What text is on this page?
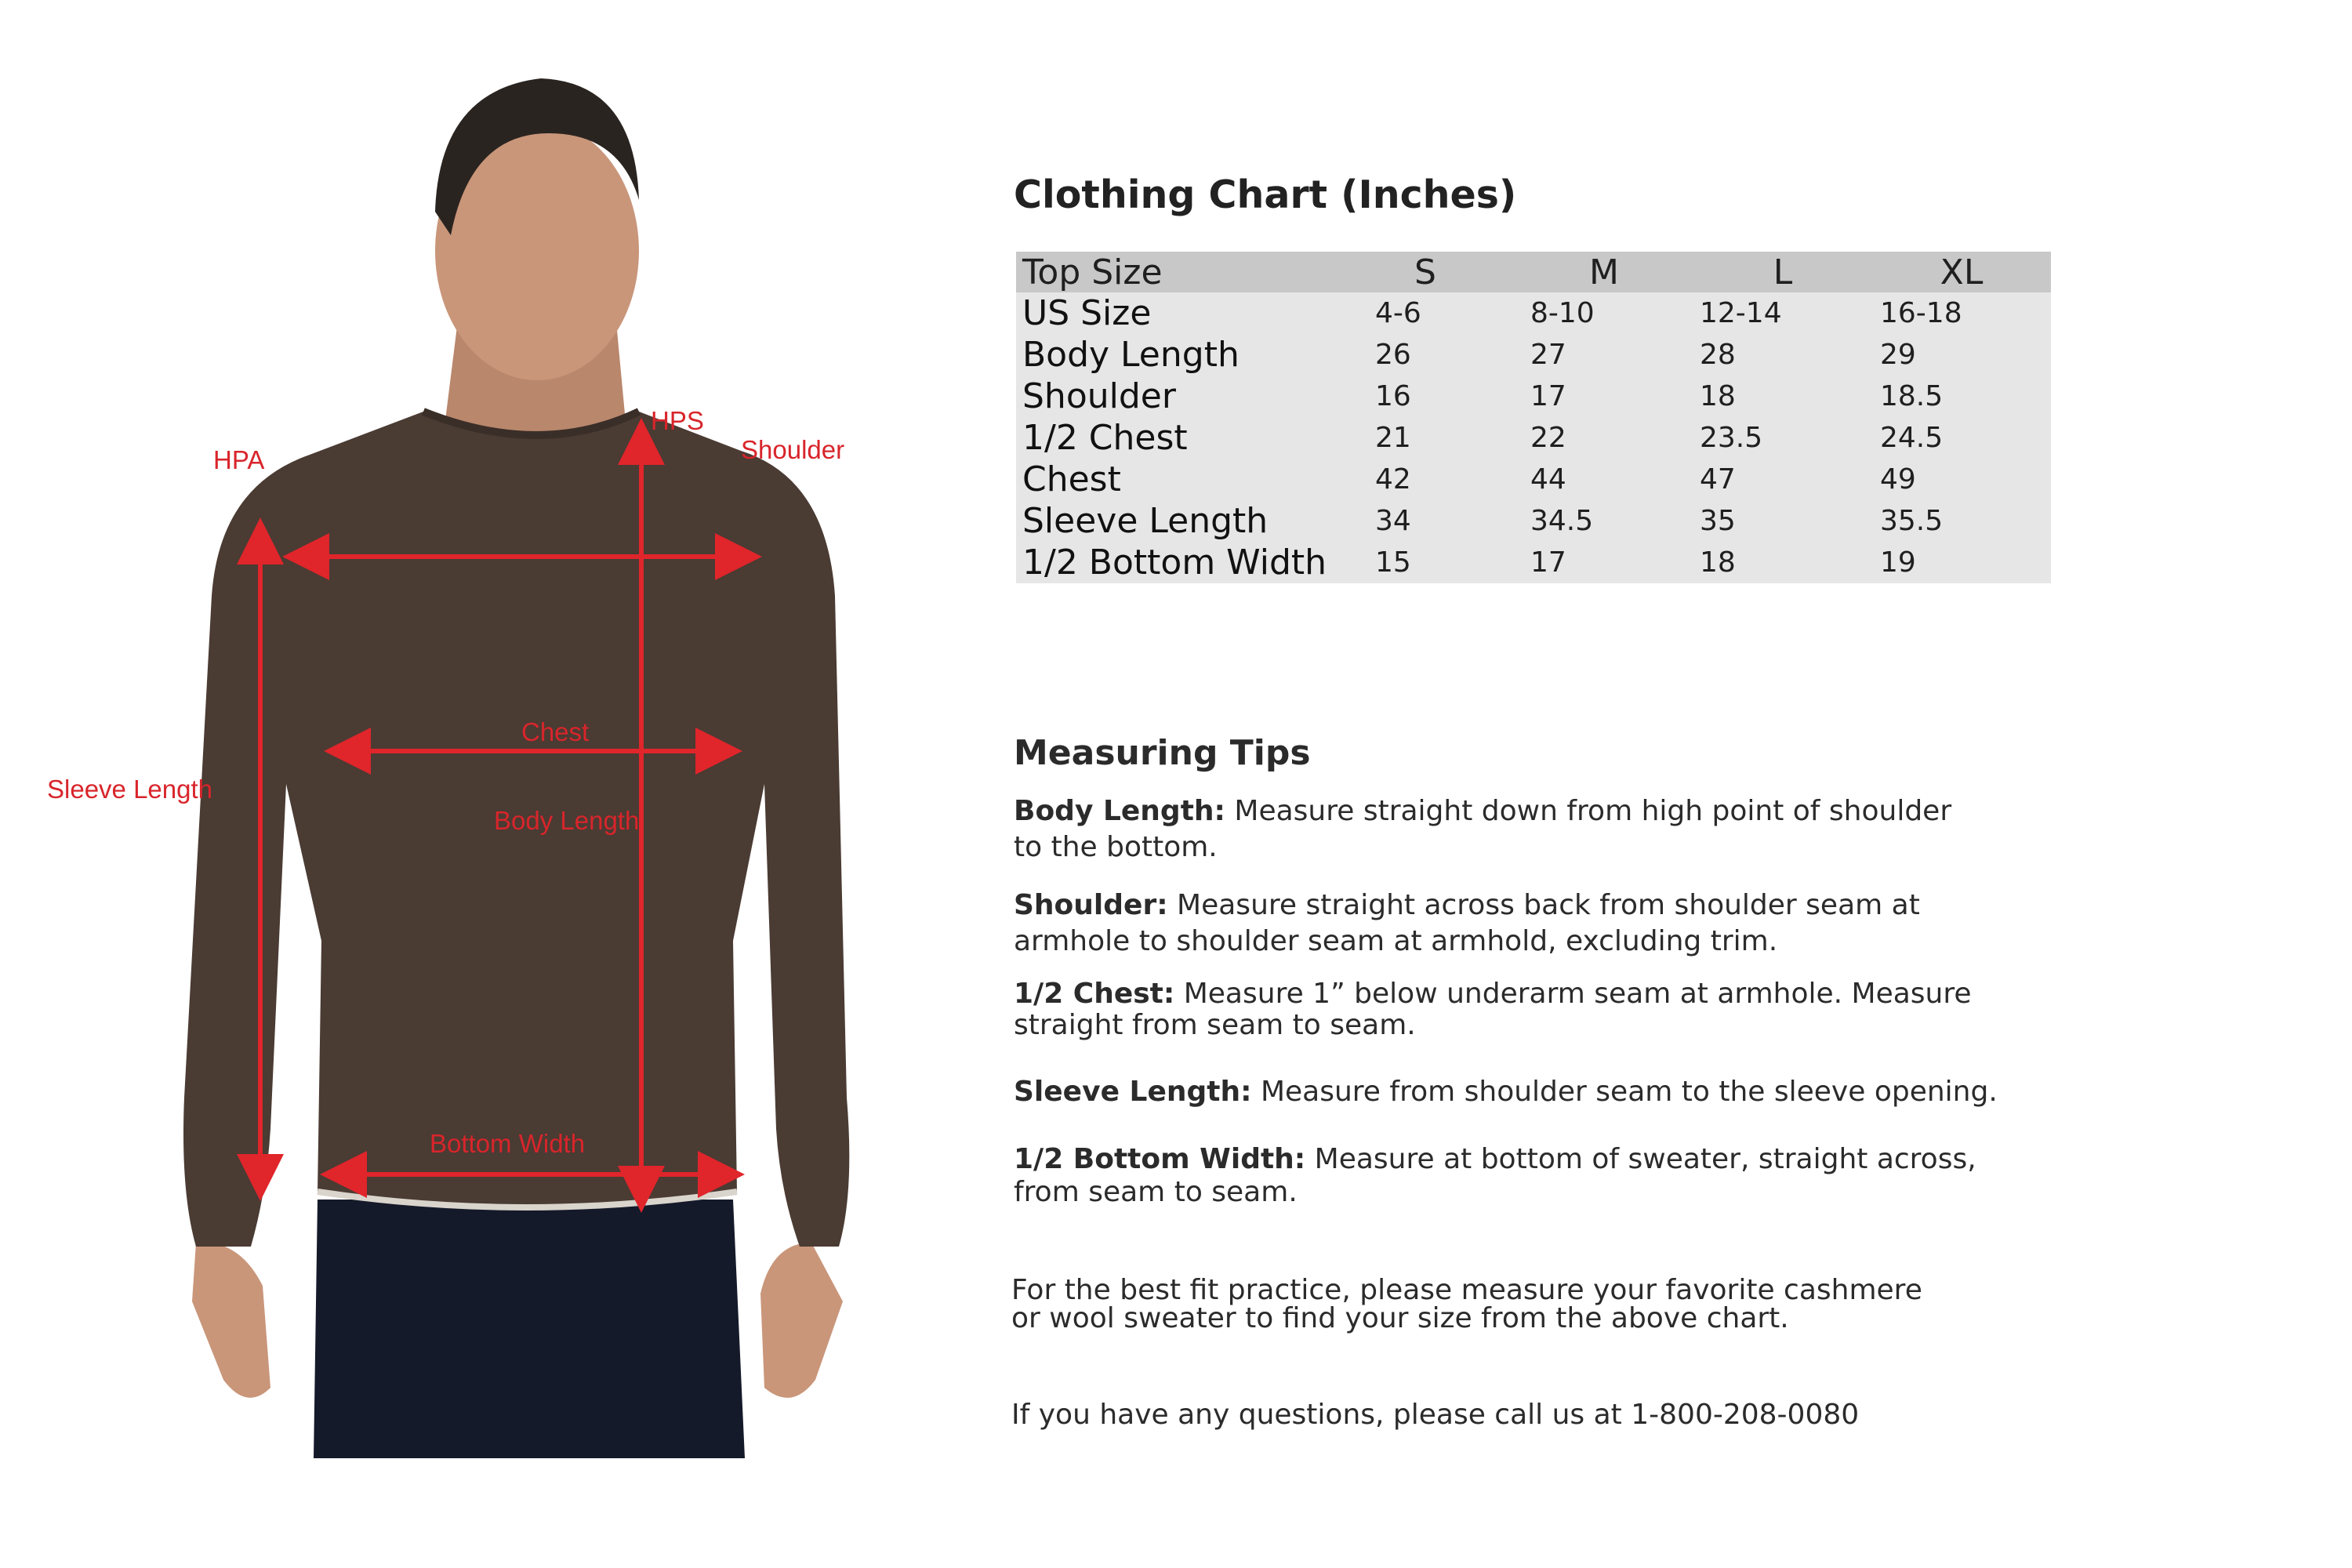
HPA
HPS
Shoulder
Chest
Sleeve Length
Body Length
Bottom Width
Clothing Chart (Inches)
Top Size	S	M	L	XL
US Size	4-6	8-10	12-14	16-18
Body Length	26	27	28	29
Shoulder	16	17	18	18.5
1/2 Chest	21	22	23.5	24.5
Chest	42	44	47	49
Sleeve Length	34	34.5	35	35.5
1/2 Bottom Width	15	17	18	19
Measuring Tips
Body Length: Measure straight down from high point of shoulder
to the bottom.
Shoulder: Measure straight across back from shoulder seam at
armhole to shoulder seam at armhold, excluding trim.
1/2 Chest: Measure 1” below underarm seam at armhole. Measure
straight from seam to seam.
Sleeve Length: Measure from shoulder seam to the sleeve opening.
1/2 Bottom Width: Measure at bottom of sweater, straight across,
from seam to seam.
For the best fit practice, please measure your favorite cashmere
or wool sweater to find your size from the above chart.
If you have any questions, please call us at 1-800-208-0080
